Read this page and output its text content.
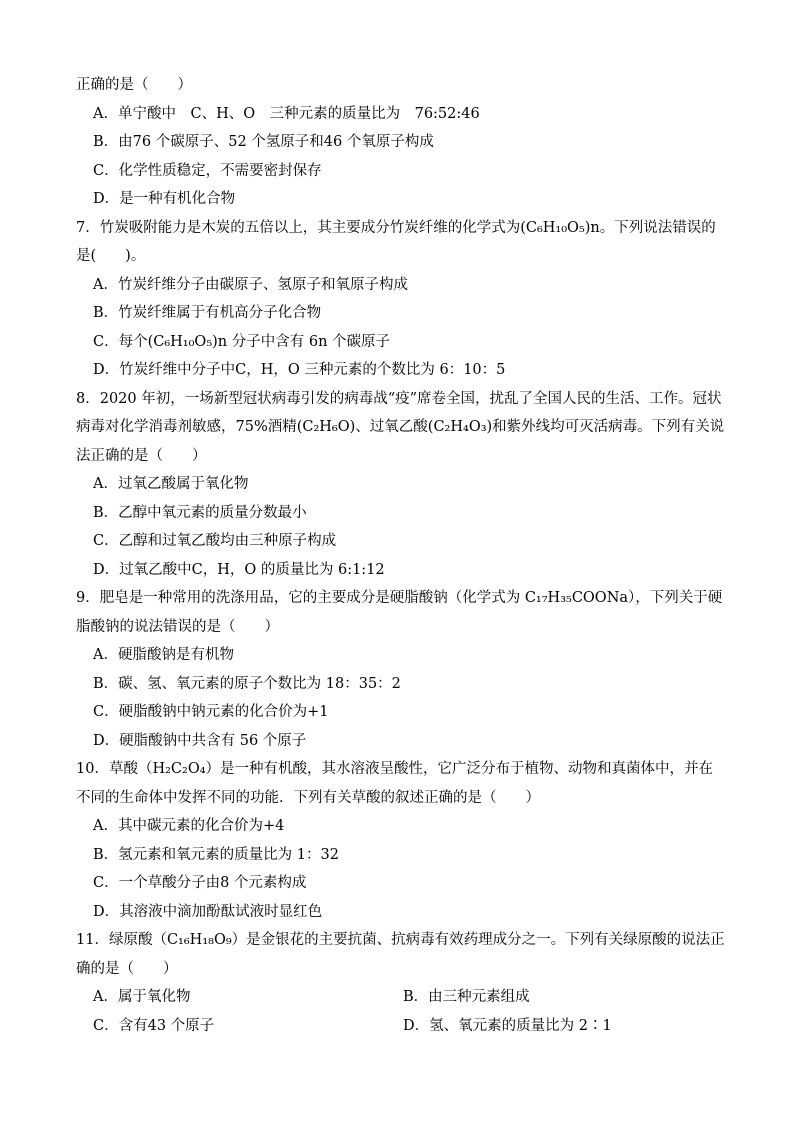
正确的是（　　）
A．单宁酸中　C、H、O　三种元素的质量比为　76:52:46
B．由76 个碳原子、52 个氢原子和46 个氧原子构成
C．化学性质稳定，不需要密封保存
D．是一种有机化合物
7．竹炭吸附能力是木炭的五倍以上，其主要成分竹炭纤维的化学式为(C₆H₁₀O₅)n。下列说法错误的
是(　　)。
A．竹炭纤维分子由碳原子、氢原子和氧原子构成
B．竹炭纤维属于有机高分子化合物
C．每个(C₆H₁₀O₅)n 分子中含有 6n 个碳原子
D．竹炭纤维中分子中C，H，O 三种元素的个数比为 6：10：5
8．2020 年初，一场新型冠状病毒引发的病毒战“疫”席卷全国，扰乱了全国人民的生活、工作。冠状
病毒对化学消毒剂敏感，75%酒精(C₂H₆O)、过氧乙酸(C₂H₄O₃)和紫外线均可灭活病毒。下列有关说
法正确的是（　　）
A．过氧乙酸属于氧化物
B．乙醇中氧元素的质量分数最小
C．乙醇和过氧乙酸均由三种原子构成
D．过氧乙酸中C，H，O 的质量比为 6:1:12
9．肥皂是一种常用的洗涤用品，它的主要成分是硬脂酸钠（化学式为 C₁₇H₃₅COONa），下列关于硬
脂酸钠的说法错误的是（　　）
A．硬脂酸钠是有机物
B．碳、氢、氧元素的原子个数比为 18：35：2
C．硬脂酸钠中钠元素的化合价为+1
D．硬脂酸钠中共含有 56 个原子
10．草酸（H₂C₂O₄）是一种有机酸，其水溶液呈酸性，它广泛分布于植物、动物和真菌体中，并在
不同的生命体中发挥不同的功能．下列有关草酸的叙述正确的是（　　）
A．其中碳元素的化合价为+4
B．氢元素和氧元素的质量比为 1：32
C．一个草酸分子由8 个元素构成
D．其溶液中滴加酚酞试液时显红色
11．绿原酸（C₁₆H₁₈O₉）是金银花的主要抗菌、抗病毒有效药理成分之一。下列有关绿原酸的说法正
确的是（　　）
A．属于氧化物	B．由三种元素组成
C．含有43 个原子	D．氢、氧元素的质量比为 2∶1
